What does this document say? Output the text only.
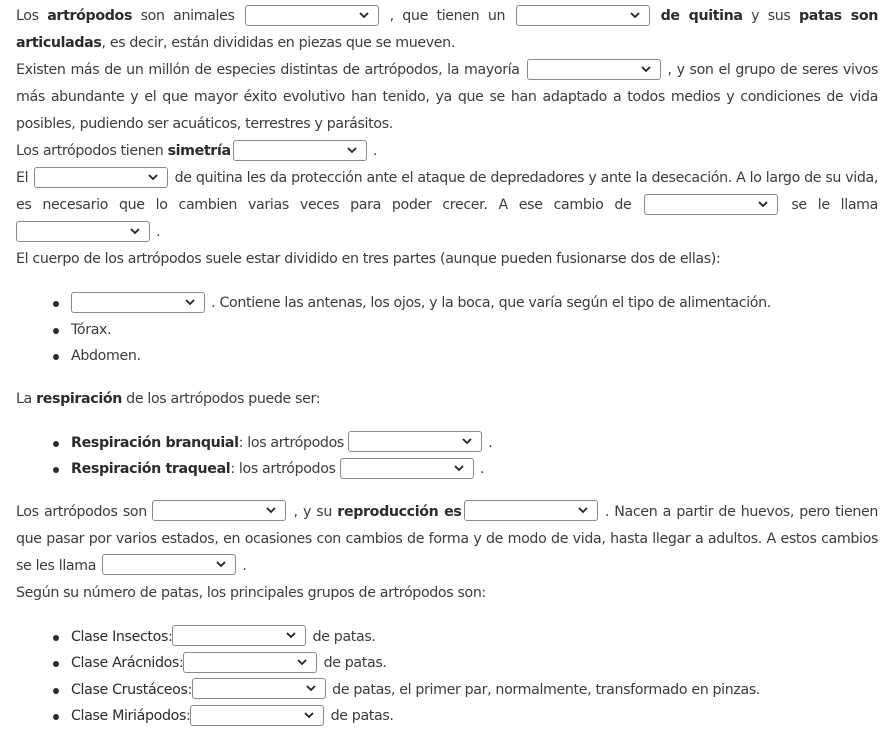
Los artrópodos son animales	, que tienen un	de quitina y sus patas son articuladas, es decir, están divididas en piezas que se mueven.

Existen más de un millón de especies distintas de artrópodos, la mayoría	, y son el grupo de seres vivos más abundante y el que mayor éxito evolutivo han tenido, ya que se han adaptado a todos medios y condiciones de vida posibles, pudiendo ser acuáticos, terrestres y parásitos.

Los artrópodos tienen simetría	.

El	de quitina les da protección ante el ataque de depredadores y ante la desecación. A lo largo de su vida, es necesario que lo cambien varias veces para poder crecer. A ese cambio de	se le llama
.

El cuerpo de los artrópodos suele estar dividido en tres partes (aunque pueden fusionarse dos de ellas):

. Contiene las antenas, los ojos, y la boca, que varía según el tipo de alimentación.
Tórax.
Abdomen.

La respiración de los artrópodos puede ser:

Respiración branquial: los artrópodos	.
Respiración traqueal: los artrópodos	.

Los artrópodos son	, y su reproducción es	. Nacen a partir de huevos, pero tienen que pasar por varios estados, en ocasiones con cambios de forma y de modo de vida, hasta llegar a adultos. A estos cambios se les llama	.

Según su número de patas, los principales grupos de artrópodos son:

Clase Insectos:	de patas.
Clase Arácnidos:	de patas.
Clase Crustáceos:	de patas, el primer par, normalmente, transformado en pinzas.
Clase Miriápodos:	de patas.
